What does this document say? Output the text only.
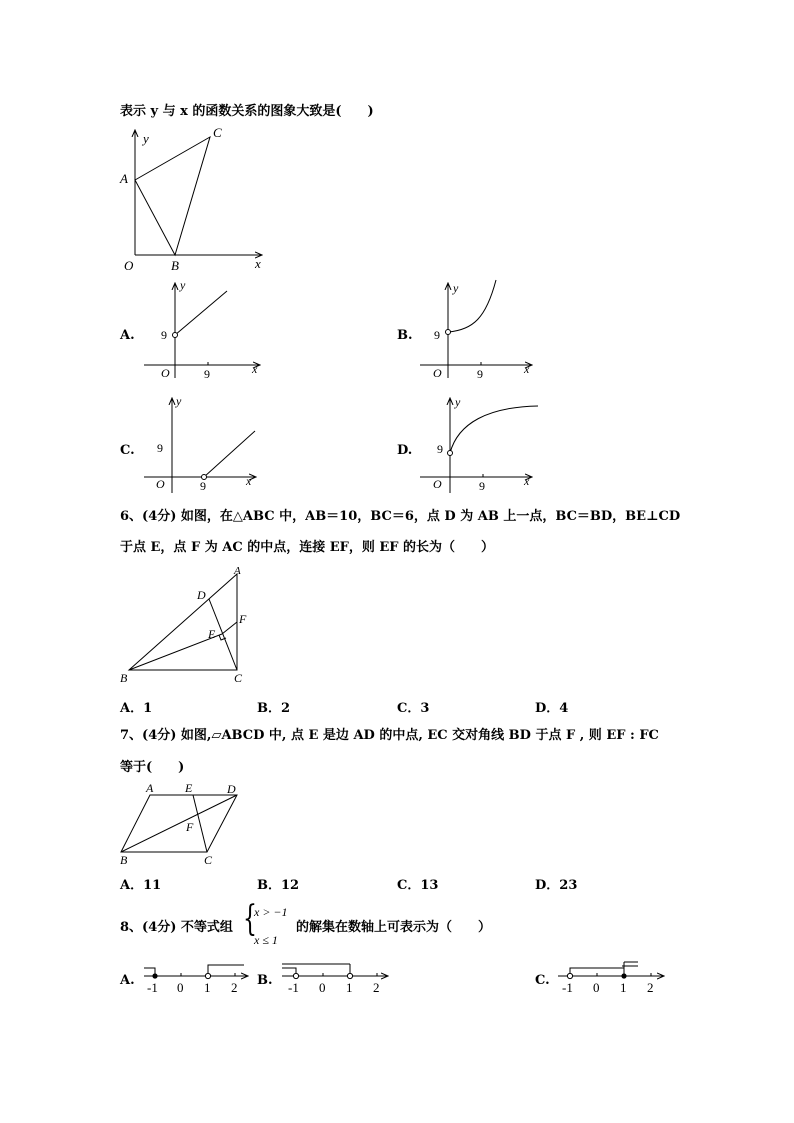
表示 y 与 x 的函数关系的图象大致是(　　)
y	C
A
O	B	x
A.
y
9
O	9	x
B.
y
9
O	9	x
C.
y
9
O	9	x
D.
y
9
O	9	x
6、(4分) 如图，在△ABC 中，AB＝10，BC＝6，点 D 为 AB 上一点，BC＝BD，BE⊥CD
于点 E，点 F 为 AC 的中点，连接 EF，则 EF 的长为（　　）
A
D
F
E
B	C
A．1	B．2	C．3	D．4
7、(4分) 如图,▱ABCD 中, 点 E 是边 AD 的中点, EC 交对角线 BD 于点 F , 则 EF : FC
等于(　　)
A	E	D
F
B	C
A．11	B．12	C．13	D．23
8、(4分) 不等式组 {
x > −1
x ≤ 1
的解集在数轴上可表示为（　　）
A. -1 0 1 2 B. -1 0 1 2	C. -1 0 1 2
